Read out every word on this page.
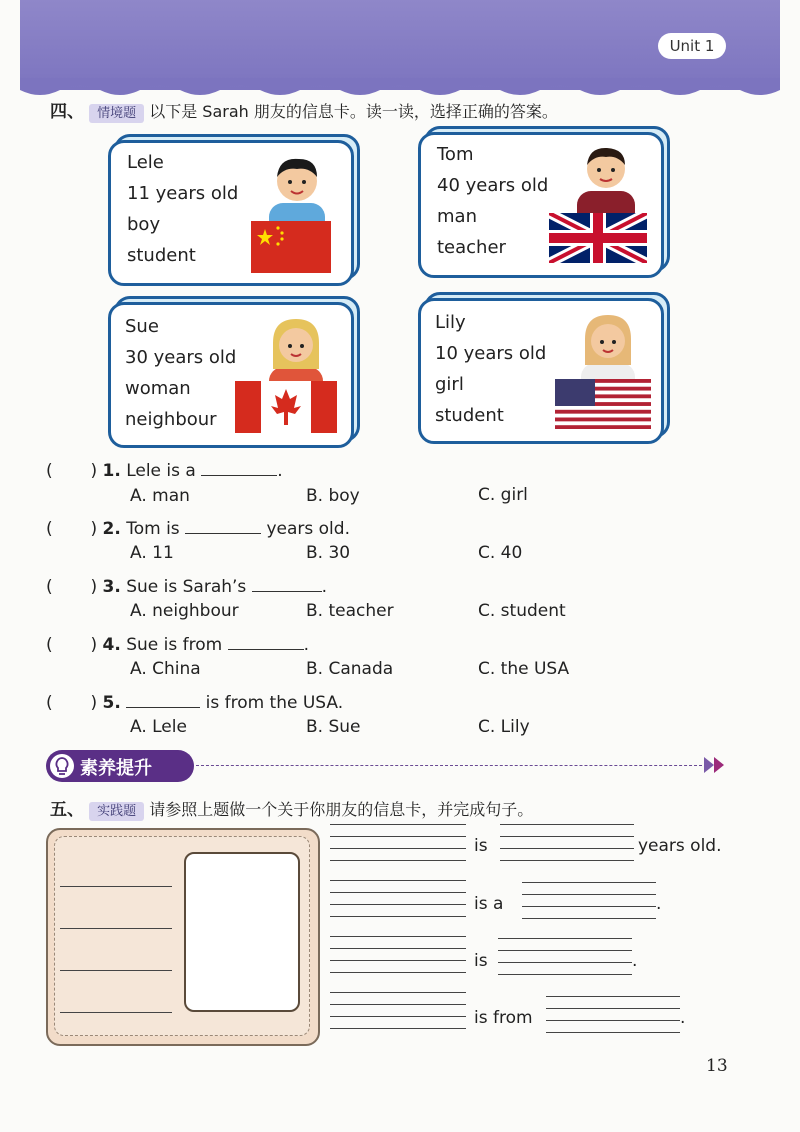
Unit 1
四、 情境题 以下是 Sarah 朋友的信息卡。读一读，选择正确的答案。
Lele
11 years old
boy
student
Tom
40 years old
man
teacher
Sue
30 years old
woman
neighbour
Lily
10 years old
girl
student
(       ) 1. Lele is a	.
A. man	B. boy	C. girl
(       ) 2. Tom is	years old.
A. 11	B. 30	C. 40
(       ) 3. Sue is Sarah’s	.
A. neighbour	B. teacher	C. student
(       ) 4. Sue is from	.
A. China	B. Canada	C. the USA
(       ) 5.	is from the USA.
A. Lele	B. Sue	C. Lily
素养提升
五、 实践题 请参照上题做一个关于你朋友的信息卡，并完成句子。
is	years old.
is a	.
is	.
is from	.
13
